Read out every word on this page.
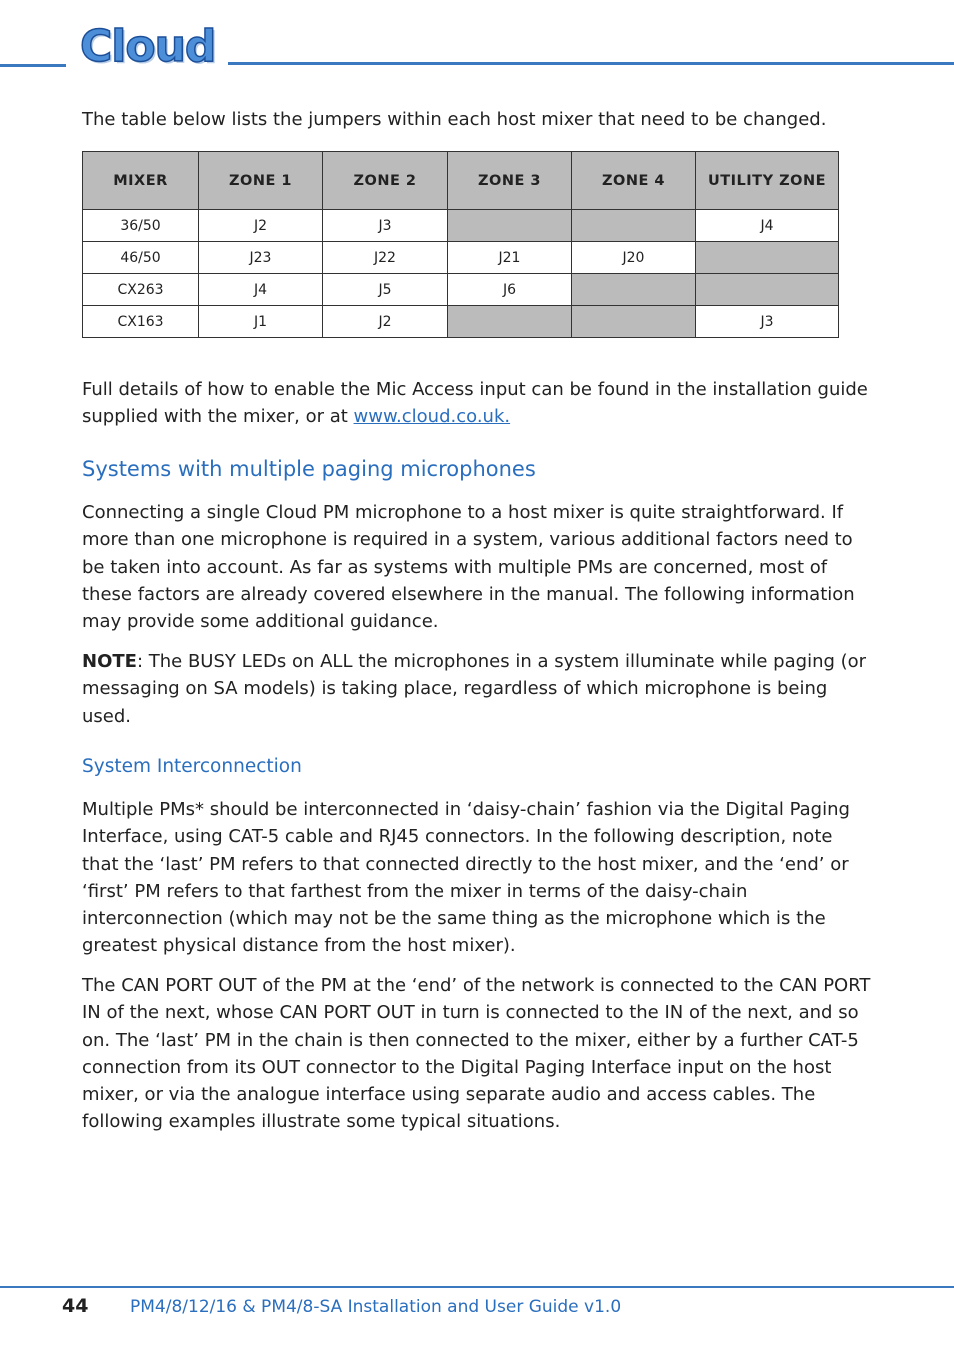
Cloud
The table below lists the jumpers within each host mixer that need to be changed.
MIXER	ZONE 1	ZONE 2	ZONE 3	ZONE 4	UTILITY ZONE
36/50	J2	J3			J4
46/50	J23	J22	J21	J20	
CX263	J4	J5	J6		
CX163	J1	J2			J3
Full details of how to enable the Mic Access input can be found in the installation guide supplied with the mixer, or at www.cloud.co.uk.
Systems with multiple paging microphones
Connecting a single Cloud PM microphone to a host mixer is quite straightforward. If more than one microphone is required in a system, various additional factors need to be taken into account. As far as systems with multiple PMs are concerned, most of these factors are already covered elsewhere in the manual. The following information may provide some additional guidance.
NOTE: The BUSY LEDs on ALL the microphones in a system illuminate while paging (or messaging on SA models) is taking place, regardless of which microphone is being used.
System Interconnection
Multiple PMs* should be interconnected in ‘daisy-chain’ fashion via the Digital Paging Interface, using CAT-5 cable and RJ45 connectors. In the following description, note that the ‘last’ PM refers to that connected directly to the host mixer, and the ‘end’ or ‘first’ PM refers to that farthest from the mixer in terms of the daisy-chain interconnection (which may not be the same thing as the microphone which is the greatest physical distance from the host mixer).
The CAN PORT OUT of the PM at the ‘end’ of the network is connected to the CAN PORT IN of the next, whose CAN PORT OUT in turn is connected to the IN of the next, and so on. The ‘last’ PM in the chain is then connected to the mixer, either by a further CAT-5 connection from its OUT connector to the Digital Paging Interface input on the host mixer, or via the analogue interface using separate audio and access cables. The following examples illustrate some typical situations.
44 PM4/8/12/16 & PM4/8-SA Installation and User Guide v1.0
